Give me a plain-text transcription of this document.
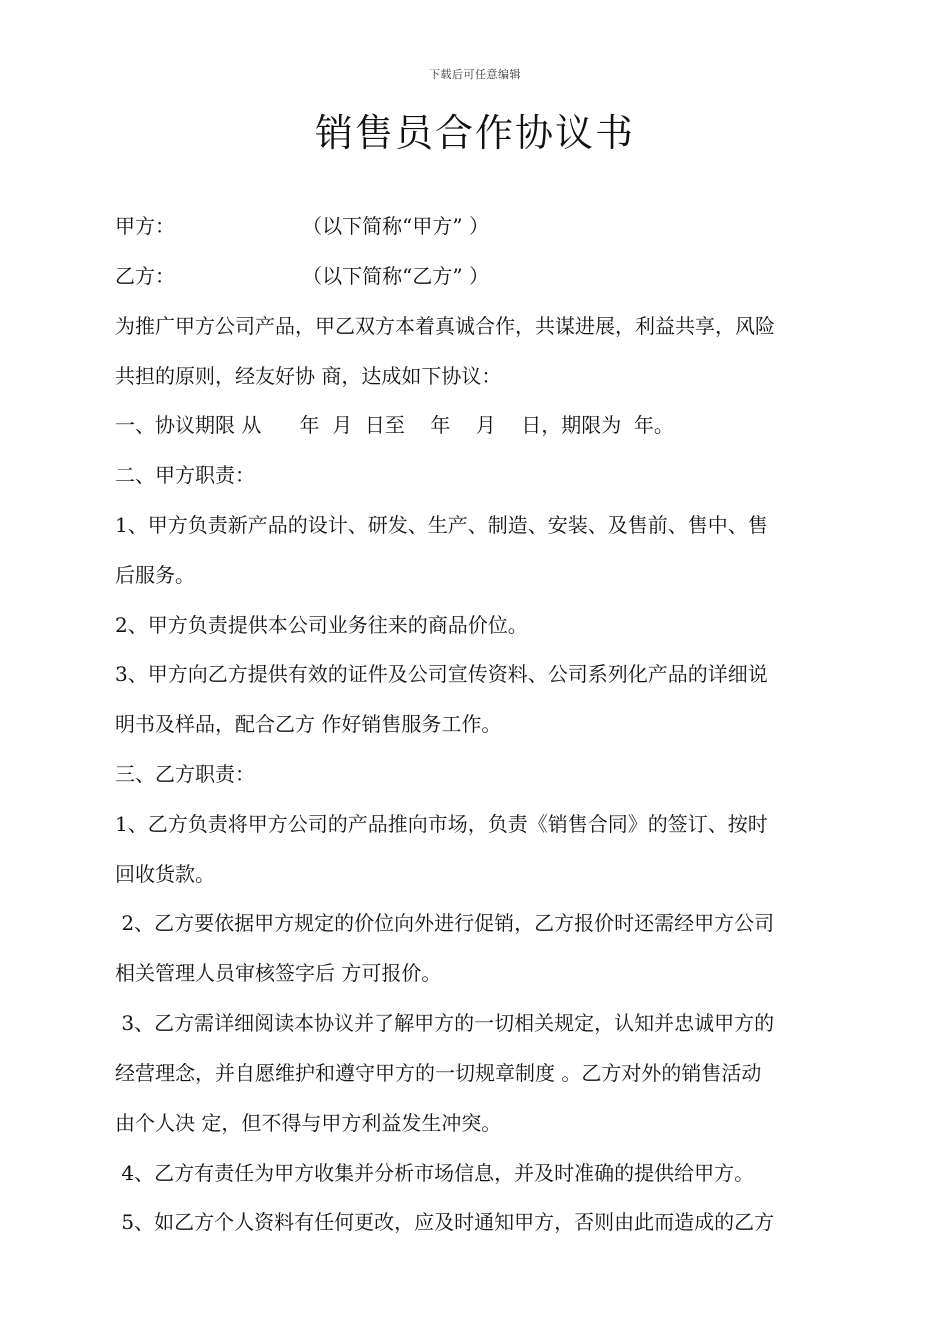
下载后可任意编辑
销售员合作协议书
甲方：                    （以下简称“甲方” ）
乙方：                    （以下简称“乙方” ）
为推广甲方公司产品，甲乙双方本着真诚合作，共谋进展，利益共享，风险
共担的原则，经友好协 商，达成如下协议：
一、协议期限 从      年  月  日至    年    月    日，期限为  年。
二、甲方职责：
1、甲方负责新产品的设计、研发、生产、制造、安装、及售前、售中、售
后服务。
2、甲方负责提供本公司业务往来的商品价位。
3、甲方向乙方提供有效的证件及公司宣传资料、公司系列化产品的详细说
明书及样品，配合乙方 作好销售服务工作。
三、乙方职责：
1、乙方负责将甲方公司的产品推向市场，负责《销售合同》的签订、按时
回收货款。
2、乙方要依据甲方规定的价位向外进行促销，乙方报价时还需经甲方公司
相关管理人员审核签字后 方可报价。
3、乙方需详细阅读本协议并了解甲方的一切相关规定，认知并忠诚甲方的
经营理念，并自愿维护和遵守甲方的一切规章制度 。乙方对外的销售活动
由个人决 定，但不得与甲方利益发生冲突。
4、乙方有责任为甲方收集并分析市场信息，并及时准确的提供给甲方。
5、如乙方个人资料有任何更改，应及时通知甲方，否则由此而造成的乙方
